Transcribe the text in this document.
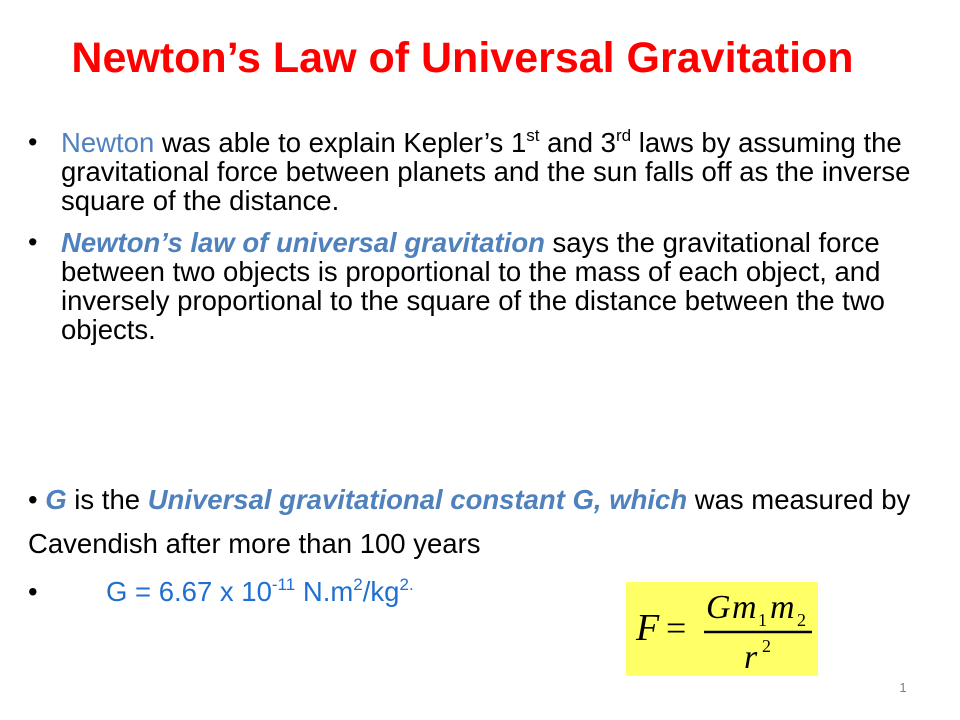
Newton’s Law of Universal Gravitation
• Newton was able to explain Kepler’s 1st and 3rd laws by assuming the gravitational force between planets and the sun falls off as the inverse square of the distance.
• Newton’s law of universal gravitation says the gravitational force between two objects is proportional to the mass of each object, and inversely proportional to the square of the distance between the two objects.
• G is the Universal gravitational constant G, which was measured by Cavendish after more than 100 years
• G = 6.67 x $10^{-11}$ $N.m^2/kg^{2.}$
F =
G m 1 m 2
r 2
1
